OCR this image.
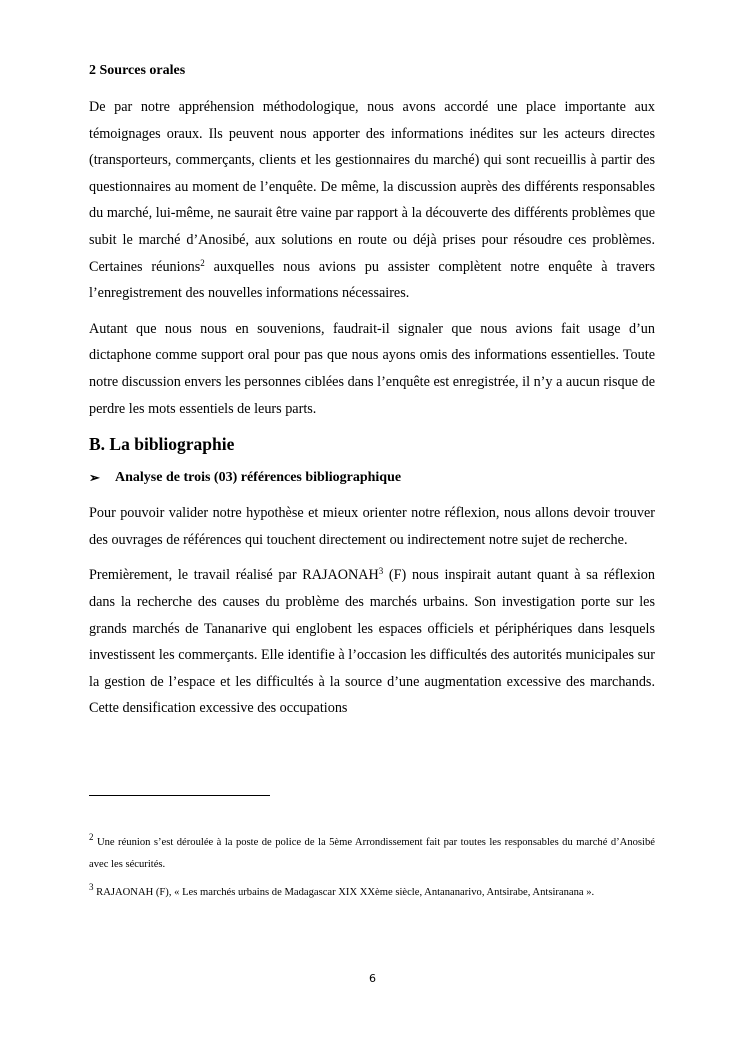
2 Sources orales

De par notre appréhension méthodologique, nous avons accordé une place importante aux témoignages oraux. Ils peuvent nous apporter des informations inédites sur les acteurs directes (transporteurs, commerçants, clients et les gestionnaires du marché) qui sont recueillis à partir des questionnaires au moment de l’enquête. De même, la discussion auprès des différents responsables du marché, lui-même, ne saurait être vaine par rapport à la découverte des différents problèmes que subit le marché d’Anosibé, aux solutions en route ou déjà prises pour résoudre ces problèmes. Certaines réunions$^2$ auxquelles nous avions pu assister complètent notre enquête à travers l’enregistrement des nouvelles informations nécessaires.

Autant que nous nous en souvenions, faudrait-il signaler que nous avions fait usage d’un dictaphone comme support oral pour pas que nous ayons omis des informations essentielles. Toute notre discussion envers les personnes ciblées dans l’enquête est enregistrée, il n’y a aucun risque de perdre les mots essentiels de leurs parts.

B. La bibliographie
➢	Analyse de trois (03) références bibliographique

Pour pouvoir valider notre hypothèse et mieux orienter notre réflexion, nous allons devoir trouver des ouvrages de références qui touchent directement ou indirectement notre sujet de recherche.

Premièrement, le travail réalisé par RAJAONAH$^3$ (F) nous inspirait autant quant à sa réflexion dans la recherche des causes du problème des marchés urbains. Son investigation porte sur les grands marchés de Tananarive qui englobent les espaces officiels et périphériques dans lesquels investissent les commerçants. Elle identifie à l’occasion les difficultés des autorités municipales sur la gestion de l’espace et les difficultés à la source d’une augmentation excessive des marchands. Cette densification excessive des occupations

$^2$ Une réunion s’est déroulée à la poste de police de la 5ème Arrondissement fait par toutes les responsables du marché d’Anosibé avec les sécurités.
$^3$ RAJAONAH (F), « Les marchés urbains de Madagascar XIX XXème siècle, Antananarivo, Antsirabe, Antsiranana ».
6
